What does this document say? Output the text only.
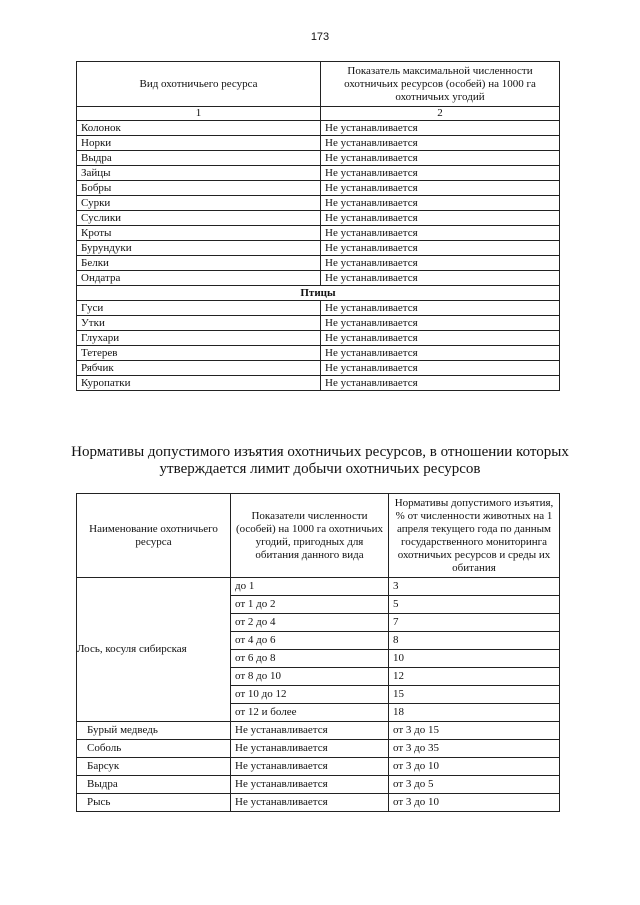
173
Вид охотничьего ресурса	Показатель максимальной численности охотничьих ресурсов (особей) на 1000 га охотничьих угодий
1	2
Колонок	Не устанавливается
Норки	Не устанавливается
Выдра	Не устанавливается
Зайцы	Не устанавливается
Бобры	Не устанавливается
Сурки	Не устанавливается
Суслики	Не устанавливается
Кроты	Не устанавливается
Бурундуки	Не устанавливается
Белки	Не устанавливается
Ондатра	Не устанавливается
Птицы	
Гуси	Не устанавливается
Утки	Не устанавливается
Глухари	Не устанавливается
Тетерев	Не устанавливается
Рябчик	Не устанавливается
Куропатки	Не устанавливается
Нормативы допустимого изъятия охотничьих ресурсов, в отношении которых утверждается лимит добычи охотничьих ресурсов
Наименование охотничьего ресурса	Показатели численности (особей) на 1000 га охотничьих угодий, пригодных для обитания данного вида	Нормативы допустимого изъятия, % от численности животных на 1 апреля текущего года по данным государственного мониторинга охотничьих ресурсов и среды их обитания
Лось, косуля сибирская	до 1	3
	от 1 до 2	5
	от 2 до 4	7
	от 4 до 6	8
	от 6 до 8	10
	от 8 до 10	12
	от 10 до 12	15
	от 12 и более	18
Бурый медведь	Не устанавливается	от 3 до 15
Соболь	Не устанавливается	от 3 до 35
Барсук	Не устанавливается	от 3 до 10
Выдра	Не устанавливается	от 3 до 5
Рысь	Не устанавливается	от 3 до 10
